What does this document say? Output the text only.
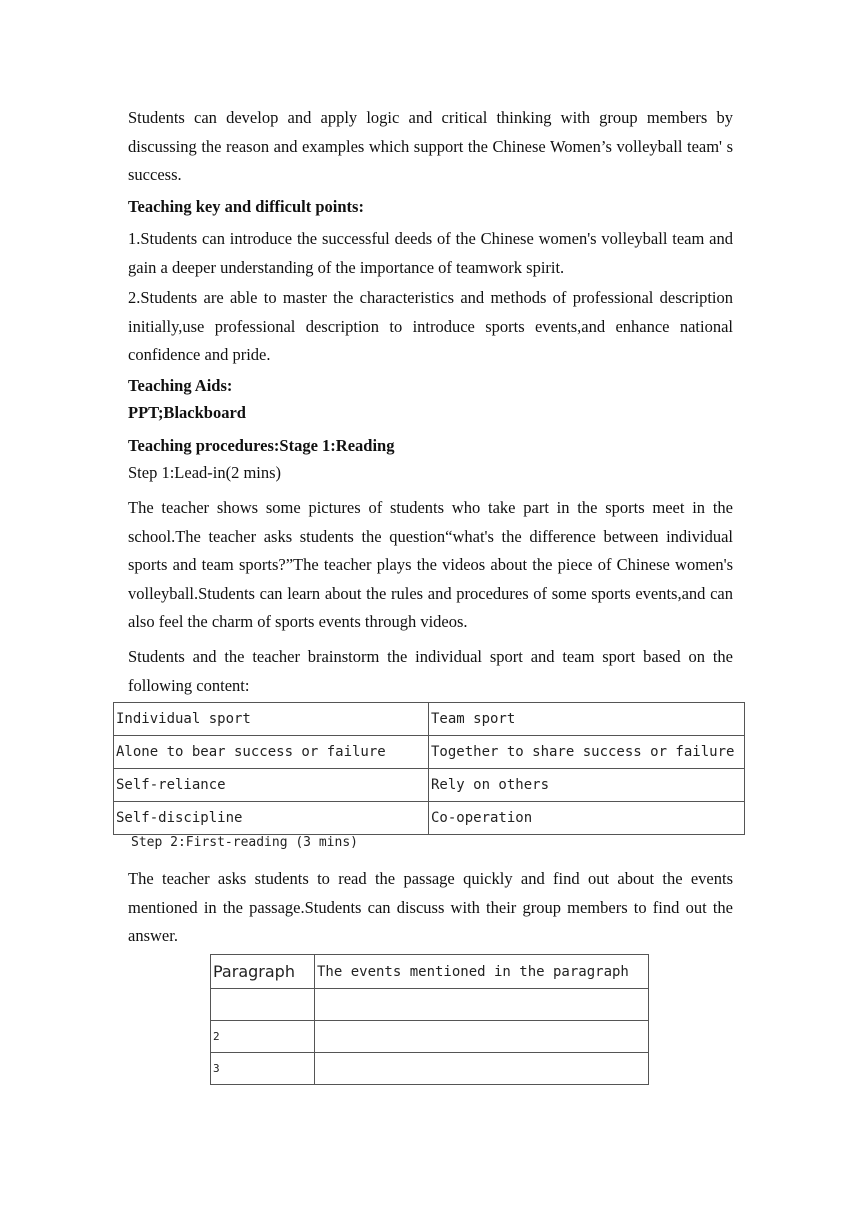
Students can develop and apply logic and critical thinking with group members by discussing the reason and examples which support the Chinese Women’s volleyball team' s success.

Teaching key and difficult points:

1.Students can introduce the successful deeds of the Chinese women's volleyball team and gain a deeper understanding of the importance of teamwork spirit.

2.Students are able to master the characteristics and methods of professional description initially,use professional description to introduce sports events,and enhance national confidence and pride.

Teaching Aids:

PPT;Blackboard

Teaching procedures:Stage 1:Reading

Step 1:Lead-in(2 mins)

The teacher shows some pictures of students who take part in the sports meet in the school.The teacher asks students the question“what's the difference between individual sports and team sports?”The teacher plays the videos about the piece of Chinese women's volleyball.Students can learn about the rules and procedures of some sports events,and can also feel the charm of sports events through videos.

Students and the teacher brainstorm the individual sport and team sport based on the following content:

Individual sport	Team sport
Alone to bear success or failure	Together to share success or failure
Self-reliance	Rely on others
Self-discipline	Co-operation
Step 2:First-reading (3 mins)

The teacher asks students to read the passage quickly and find out about the events mentioned in the passage.Students can discuss with their group members to find out the answer.

Paragraph	The events mentioned in the paragraph

2	
3	
